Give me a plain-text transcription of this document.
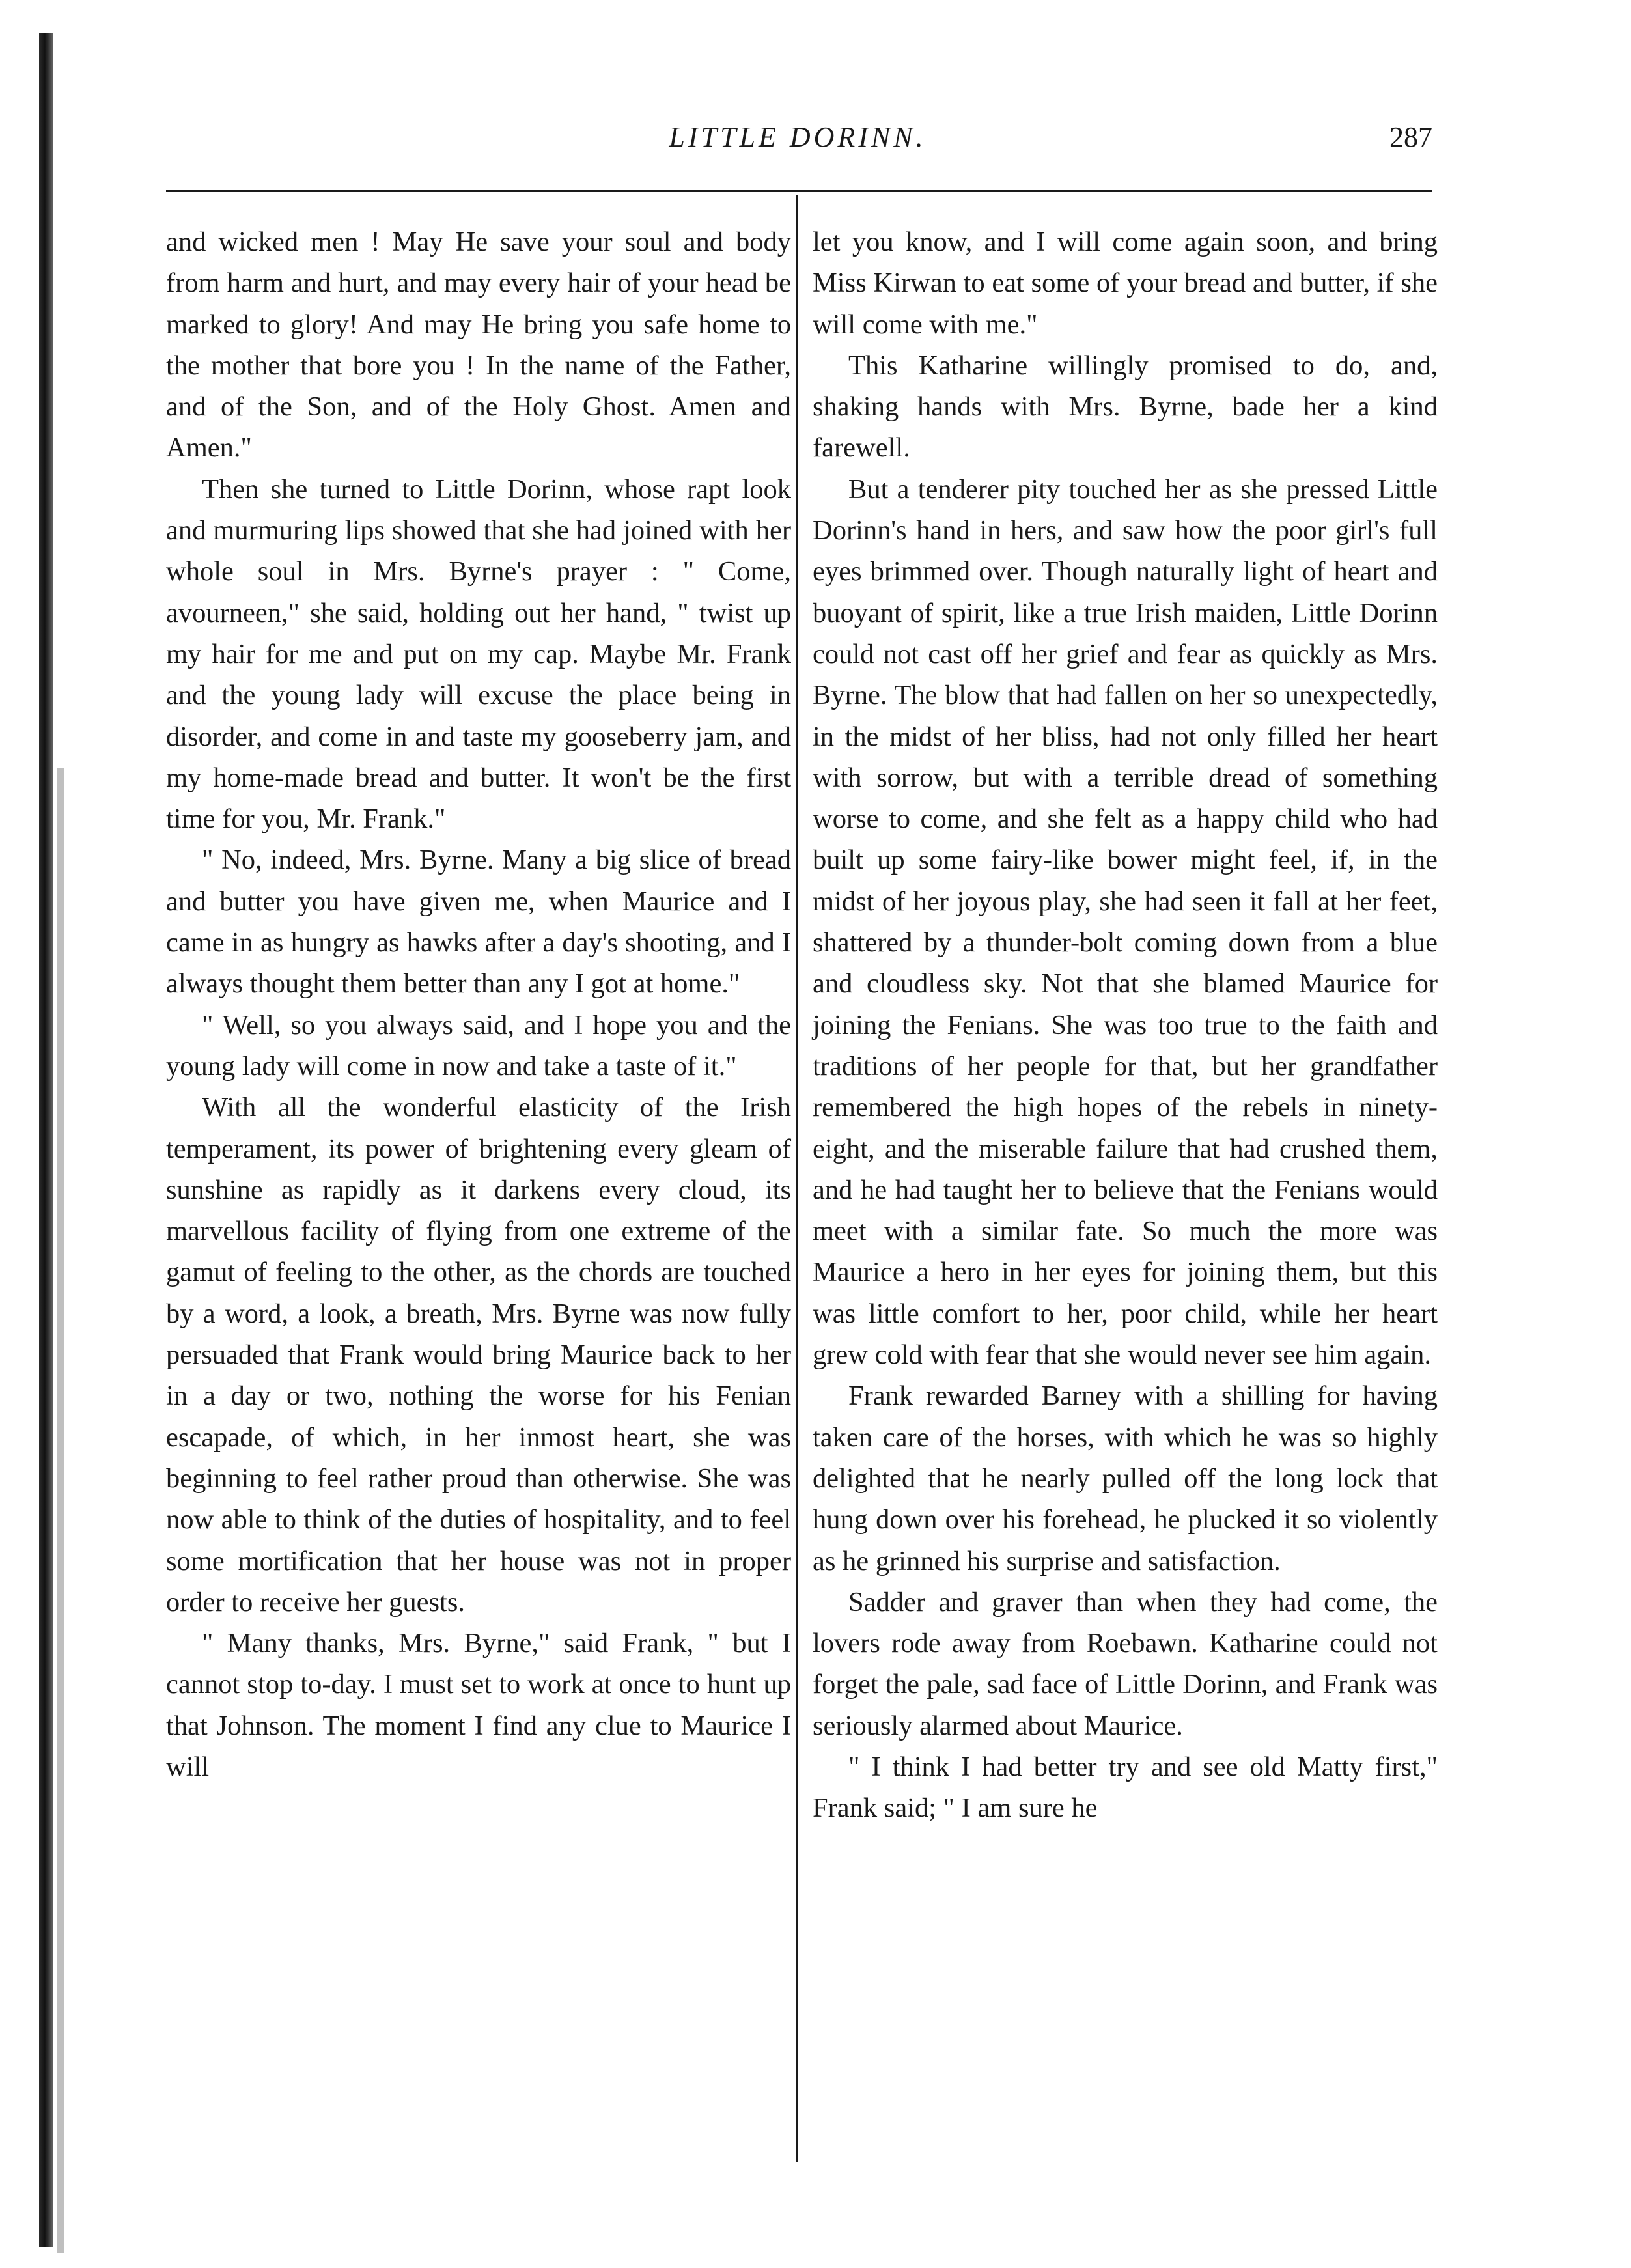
LITTLE DORINN.	287

and wicked men ! May He save your soul and body from harm and hurt, and may every hair of your head be marked to glory! And may He bring you safe home to the mother that bore you ! In the name of the Father, and of the Son, and of the Holy Ghost. Amen and Amen."

Then she turned to Little Dorinn, whose rapt look and murmuring lips showed that she had joined with her whole soul in Mrs. Byrne's prayer : " Come, avourneen," she said, holding out her hand, " twist up my hair for me and put on my cap. Maybe Mr. Frank and the young lady will excuse the place being in disorder, and come in and taste my gooseberry jam, and my home-made bread and butter. It won't be the first time for you, Mr. Frank."

" No, indeed, Mrs. Byrne. Many a big slice of bread and butter you have given me, when Maurice and I came in as hungry as hawks after a day's shooting, and I always thought them better than any I got at home."

" Well, so you always said, and I hope you and the young lady will come in now and take a taste of it."

With all the wonderful elasticity of the Irish temperament, its power of brightening every gleam of sunshine as rapidly as it darkens every cloud, its marvellous facility of flying from one extreme of the gamut of feeling to the other, as the chords are touched by a word, a look, a breath, Mrs. Byrne was now fully persuaded that Frank would bring Maurice back to her in a day or two, nothing the worse for his Fenian escapade, of which, in her inmost heart, she was beginning to feel rather proud than otherwise. She was now able to think of the duties of hospitality, and to feel some mortification that her house was not in proper order to receive her guests.

" Many thanks, Mrs. Byrne," said Frank, " but I cannot stop to-day. I must set to work at once to hunt up that Johnson. The moment I find any clue to Maurice I will

let you know, and I will come again soon, and bring Miss Kirwan to eat some of your bread and butter, if she will come with me."

This Katharine willingly promised to do, and, shaking hands with Mrs. Byrne, bade her a kind farewell.

But a tenderer pity touched her as she pressed Little Dorinn's hand in hers, and saw how the poor girl's full eyes brimmed over. Though naturally light of heart and buoyant of spirit, like a true Irish maiden, Little Dorinn could not cast off her grief and fear as quickly as Mrs. Byrne. The blow that had fallen on her so unexpectedly, in the midst of her bliss, had not only filled her heart with sorrow, but with a terrible dread of something worse to come, and she felt as a happy child who had built up some fairy-like bower might feel, if, in the midst of her joyous play, she had seen it fall at her feet, shattered by a thunder-bolt coming down from a blue and cloudless sky. Not that she blamed Maurice for joining the Fenians. She was too true to the faith and traditions of her people for that, but her grandfather remembered the high hopes of the rebels in ninety-eight, and the miserable failure that had crushed them, and he had taught her to believe that the Fenians would meet with a similar fate. So much the more was Maurice a hero in her eyes for joining them, but this was little comfort to her, poor child, while her heart grew cold with fear that she would never see him again.

Frank rewarded Barney with a shilling for having taken care of the horses, with which he was so highly delighted that he nearly pulled off the long lock that hung down over his forehead, he plucked it so violently as he grinned his surprise and satisfaction.

Sadder and graver than when they had come, the lovers rode away from Roebawn. Katharine could not forget the pale, sad face of Little Dorinn, and Frank was seriously alarmed about Maurice.

" I think I had better try and see old Matty first," Frank said; " I am sure he
